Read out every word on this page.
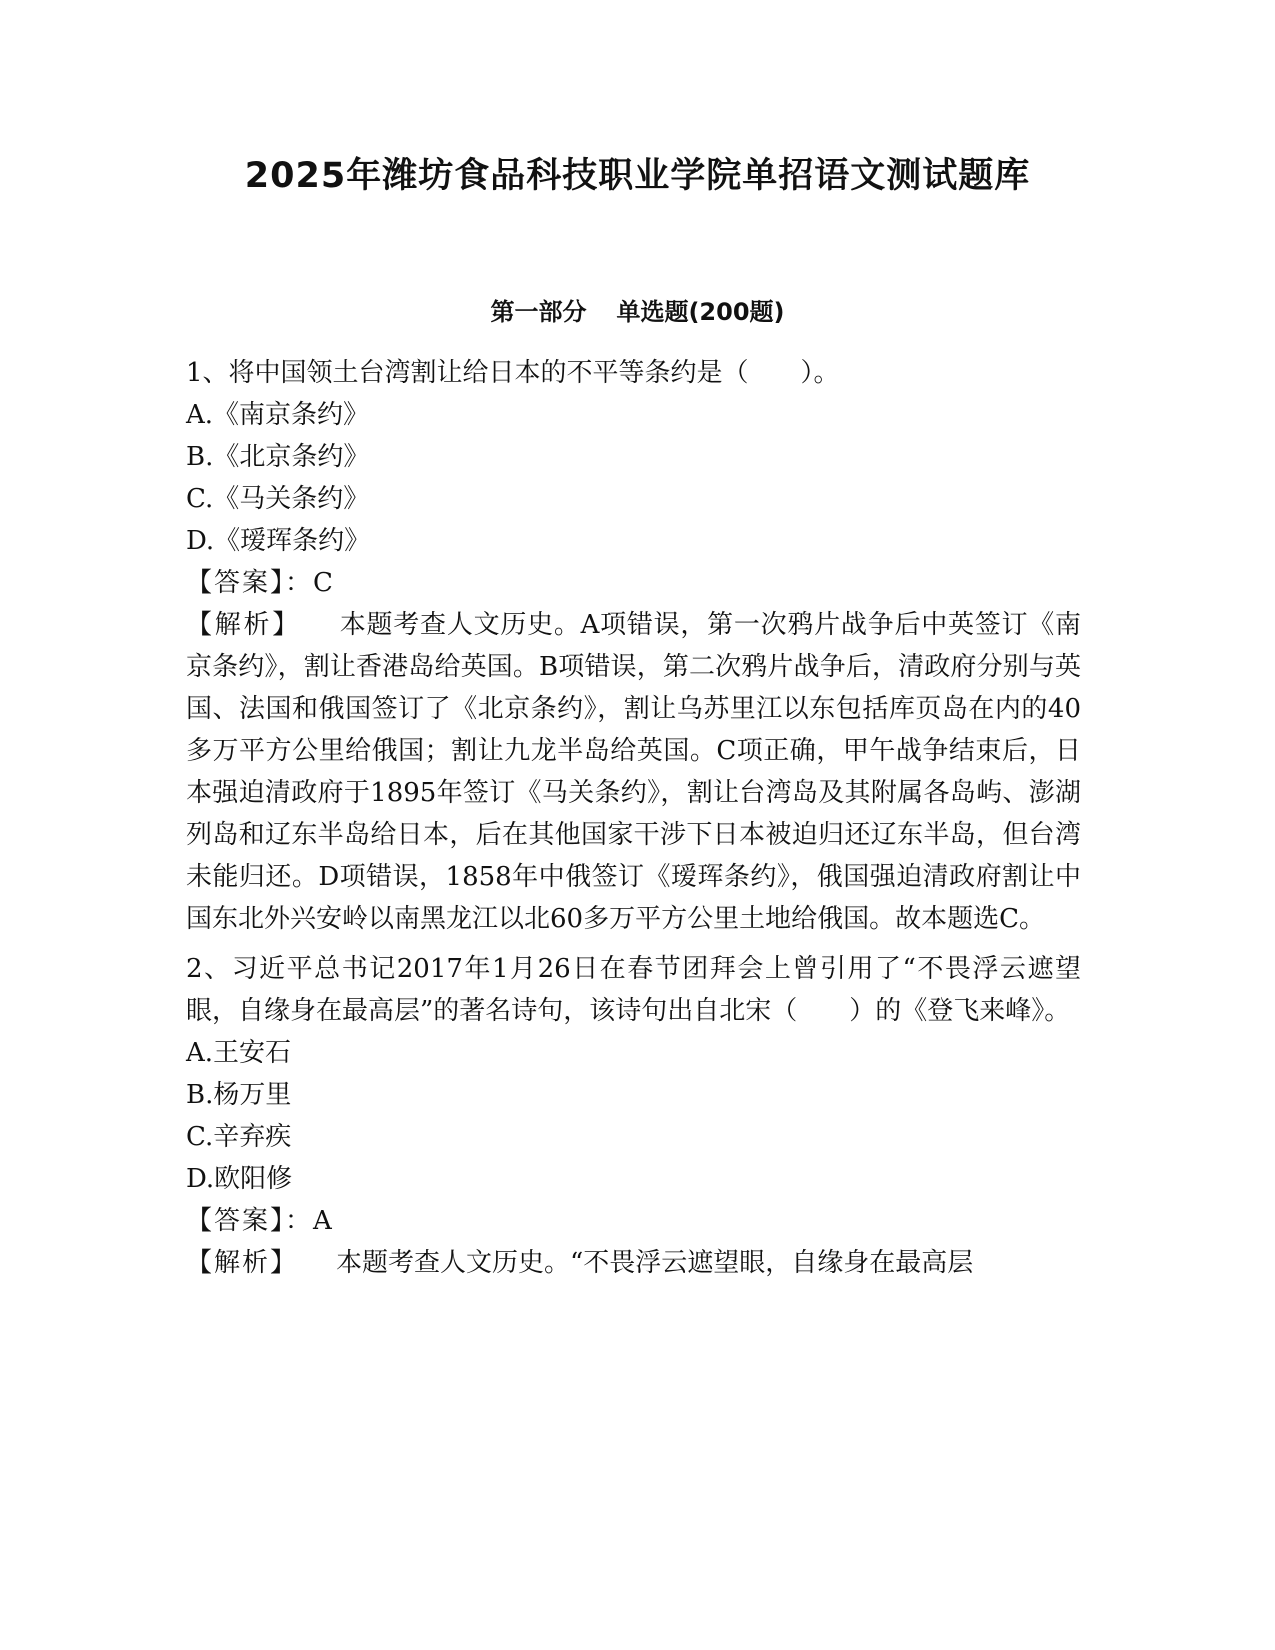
2025年潍坊食品科技职业学院单招语文测试题库
第一部分 单选题(200题)

1、将中国领土台湾割让给日本的不平等条约是（　　）。

A.《南京条约》

B.《北京条约》

C.《马关条约》

D.《瑷珲条约》

【答案】：C

【解析】 本题考查人文历史。A项错误，第一次鸦片战争后中英签订《南京条约》，割让香港岛给英国。B项错误，第二次鸦片战争后，清政府分别与英国、法国和俄国签订了《北京条约》，割让乌苏里江以东包括库页岛在内的40多万平方公里给俄国；割让九龙半岛给英国。C项正确，甲午战争结束后，日本强迫清政府于1895年签订《马关条约》，割让台湾岛及其附属各岛屿、澎湖列岛和辽东半岛给日本，后在其他国家干涉下日本被迫归还辽东半岛，但台湾未能归还。D项错误，1858年中俄签订《瑷珲条约》，俄国强迫清政府割让中国东北外兴安岭以南黑龙江以北60多万平方公里土地给俄国。故本题选C。

2、习近平总书记2017年1月26日在春节团拜会上曾引用了“不畏浮云遮望眼，自缘身在最高层”的著名诗句，该诗句出自北宋（　　）的《登飞来峰》。

A.王安石

B.杨万里

C.辛弃疾

D.欧阳修

【答案】：A

【解析】 本题考查人文历史。“不畏浮云遮望眼，自缘身在最高层
